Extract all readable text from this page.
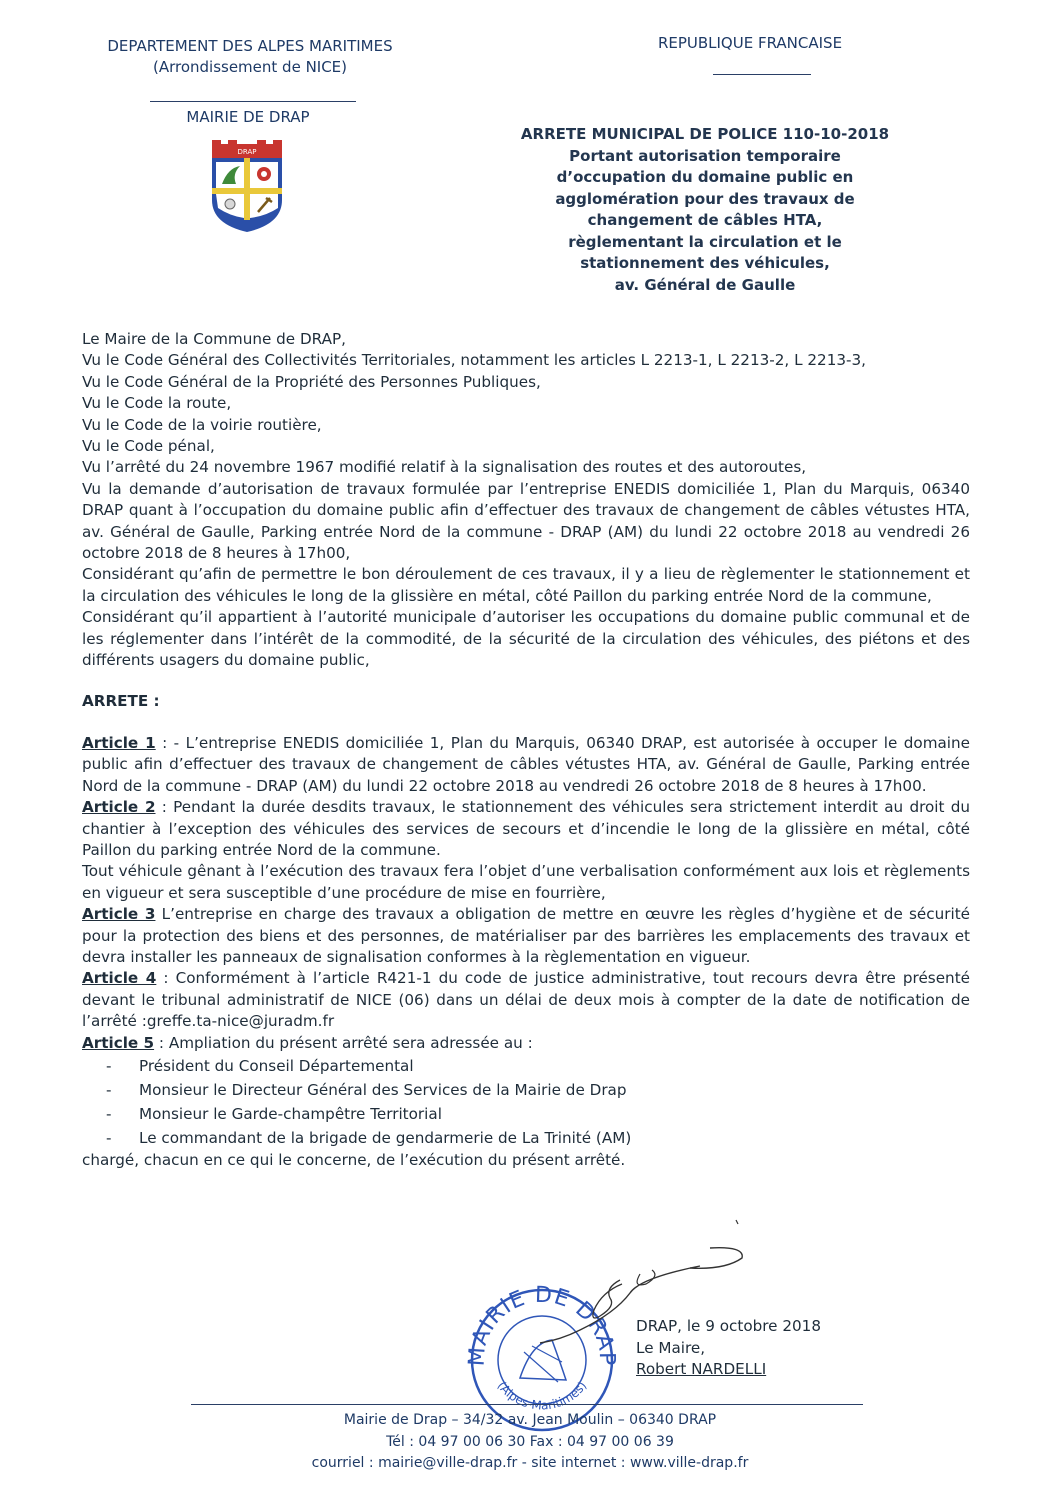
DEPARTEMENT DES ALPES MARITIMES
(Arrondissement de NICE)
REPUBLIQUE FRANCAISE
MAIRIE DE DRAP
DRAP
ARRETE MUNICIPAL DE POLICE 110-10-2018
Portant autorisation temporaire
d’occupation du domaine public en
agglomération pour des travaux de
changement de câbles HTA,
règlementant la circulation et le
stationnement des véhicules,
av. Général de Gaulle

Le Maire de la Commune de DRAP,

Vu le Code Général des Collectivités Territoriales, notamment les articles L 2213-1, L 2213-2, L 2213-3,

Vu le Code Général de la Propriété des Personnes Publiques,

Vu le Code la route,

Vu le Code de la voirie routière,

Vu le Code pénal,

Vu l’arrêté du 24 novembre 1967 modifié relatif à la signalisation des routes et des autoroutes,

Vu la demande d’autorisation de travaux formulée par l’entreprise ENEDIS domiciliée 1, Plan du Marquis, 06340 DRAP quant à l’occupation du domaine public afin d’effectuer des travaux de changement de câbles vétustes HTA, av. Général de Gaulle, Parking entrée Nord de la commune - DRAP (AM) du lundi 22 octobre 2018 au vendredi 26 octobre 2018 de 8 heures à 17h00,

Considérant qu’afin de permettre le bon déroulement de ces travaux, il y a lieu de règlementer le stationnement et la circulation des véhicules le long de la glissière en métal, côté Paillon du parking entrée Nord de la commune,

Considérant qu’il appartient à l’autorité municipale d’autoriser les occupations du domaine public communal et de les réglementer dans l’intérêt de la commodité, de la sécurité de la circulation des véhicules, des piétons et des différents usagers du domaine public,

ARRETE :

Article 1 : - L’entreprise ENEDIS domiciliée 1, Plan du Marquis, 06340 DRAP, est autorisée à occuper le domaine public afin d’effectuer des travaux de changement de câbles vétustes HTA, av. Général de Gaulle, Parking entrée Nord de la commune - DRAP (AM) du lundi 22 octobre 2018 au vendredi 26 octobre 2018 de 8 heures à 17h00.

Article 2 : Pendant la durée desdits travaux, le stationnement des véhicules sera strictement interdit au droit du chantier à l’exception des véhicules des services de secours et d’incendie le long de la glissière en métal, côté Paillon du parking entrée Nord de la commune.

Tout véhicule gênant à l’exécution des travaux fera l’objet d’une verbalisation conformément aux lois et règlements en vigueur et sera susceptible d’une procédure de mise en fourrière,

Article 3 L’entreprise en charge des travaux a obligation de mettre en œuvre les règles d’hygiène et de sécurité pour la protection des biens et des personnes, de matérialiser par des barrières les emplacements des travaux et devra installer les panneaux de signalisation conformes à la règlementation en vigueur.

Article 4 : Conformément à l’article R421-1 du code de justice administrative, tout recours devra être présenté devant le tribunal administratif de NICE (06) dans un délai de deux mois à compter de la date de notification de l’arrêté :greffe.ta-nice@juradm.fr

Article 5 : Ampliation du présent arrêté sera adressée au :

- Président du Conseil Départemental
- Monsieur le Directeur Général des Services de la Mairie de Drap
- Monsieur le Garde-champêtre Territorial
- Le commandant de la brigade de gendarmerie de La Trinité (AM)

chargé, chacun en ce qui le concerne, de l’exécution du présent arrêté.

MAIRIE DE DRAP
(Alpes-Maritimes)
DRAP, le 9 octobre 2018
Le Maire,
Robert NARDELLI
Mairie de Drap – 34/32 av. Jean Moulin – 06340 DRAP
Tél : 04 97 00 06 30 Fax : 04 97 00 06 39
courriel : mairie@ville-drap.fr - site internet : www.ville-drap.fr
